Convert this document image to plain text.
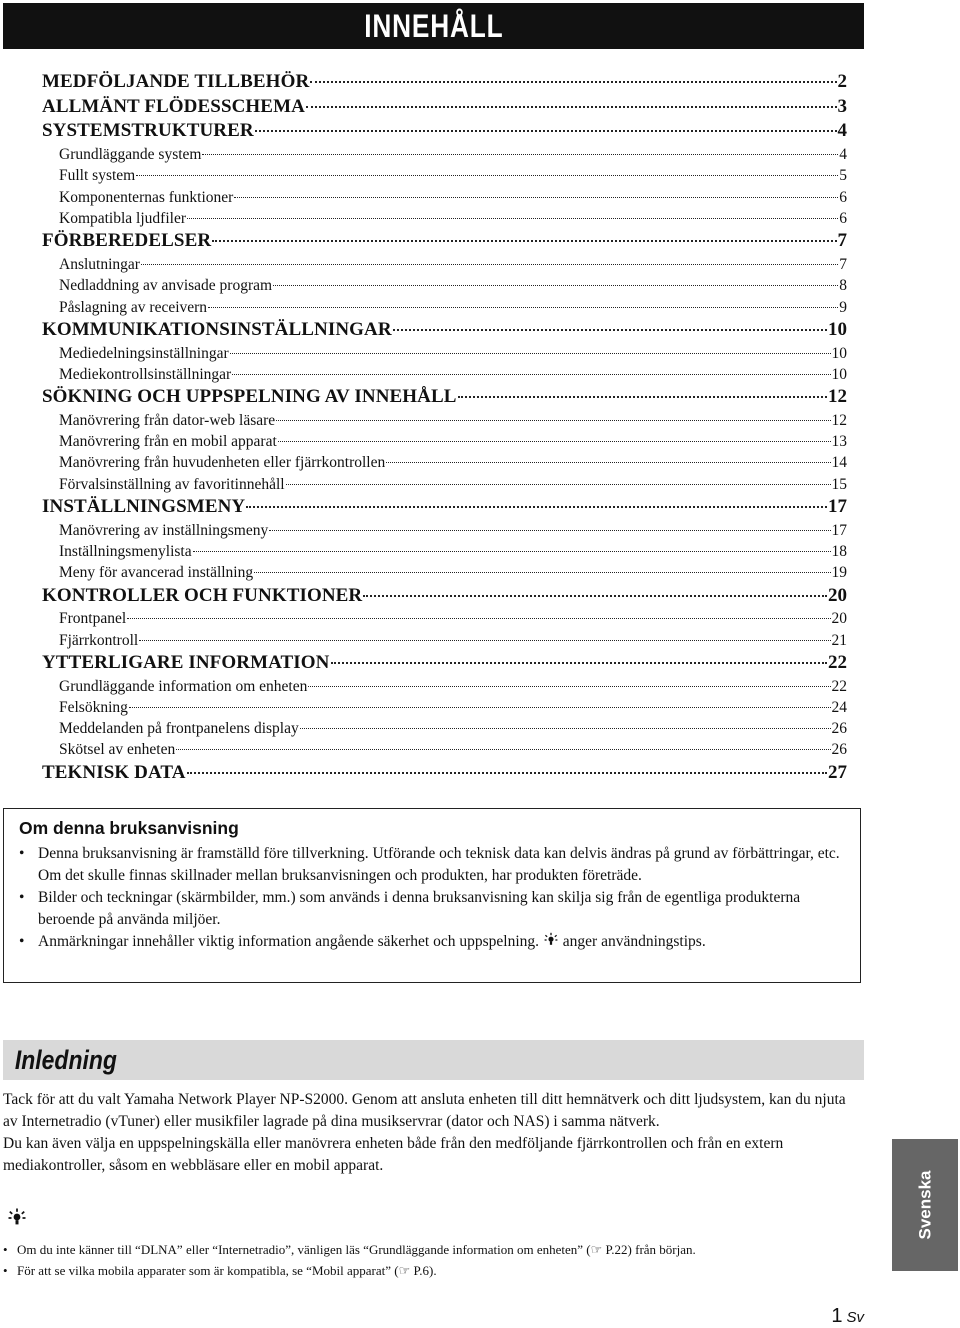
INNEHÅLL
MEDFÖLJANDE TILLBEHÖR	2
ALLMÄNT FLÖDESSCHEMA	3
SYSTEMSTRUKTURER	4
Grundläggande system	4
Fullt system	5
Komponenternas funktioner	6
Kompatibla ljudfiler	6
FÖRBEREDELSER	7
Anslutningar	7
Nedladdning av anvisade program	8
Påslagning av receivern	9
KOMMUNIKATIONSINSTÄLLNINGAR	10
Mediedelningsinställningar	10
Mediekontrollsinställningar	10
SÖKNING OCH UPPSPELNING AV INNEHÅLL	12
Manövrering från dator-web läsare	12
Manövrering från en mobil apparat	13
Manövrering från huvudenheten eller fjärrkontrollen	14
Förvalsinställning av favoritinnehåll	15
INSTÄLLNINGSMENY	17
Manövrering av inställningsmeny	17
Inställningsmenylista	18
Meny för avancerad inställning	19
KONTROLLER OCH FUNKTIONER	20
Frontpanel	20
Fjärrkontroll	21
YTTERLIGARE INFORMATION	22
Grundläggande information om enheten	22
Felsökning	24
Meddelanden på frontpanelens display	26
Skötsel av enheten	26
TEKNISK DATA	27
Om denna bruksanvisning
• Denna bruksanvisning är framställd före tillverkning. Utförande och teknisk data kan delvis ändras på grund av förbättringar, etc. Om det skulle finnas skillnader mellan bruksanvisningen och produkten, har produkten företräde.
• Bilder och teckningar (skärmbilder, mm.) som används i denna bruksanvisning kan skilja sig från de egentliga produkterna beroende på använda miljöer.
• Anmärkningar innehåller viktig information angående säkerhet och uppspelning. anger användningstips.
Inledning

Tack för att du valt Yamaha Network Player NP-S2000. Genom att ansluta enheten till ditt hemnätverk och ditt ljudsystem, kan du njuta av Internetradio (vTuner) eller musikfiler lagrade på dina musikservrar (dator och NAS) i samma nätverk.

Du kan även välja en uppspelningskälla eller manövrera enheten både från den medföljande fjärrkontrollen och från en extern mediakontroller, såsom en webbläsare eller en mobil apparat.

• Om du inte känner till “DLNA” eller “Internetradio”, vänligen läs “Grundläggande information om enheten” (☞ P.22) från början.
• För att se vilka mobila apparater som är kompatibla, se “Mobil apparat” (☞ P.6).
Svenska
1 Sv
